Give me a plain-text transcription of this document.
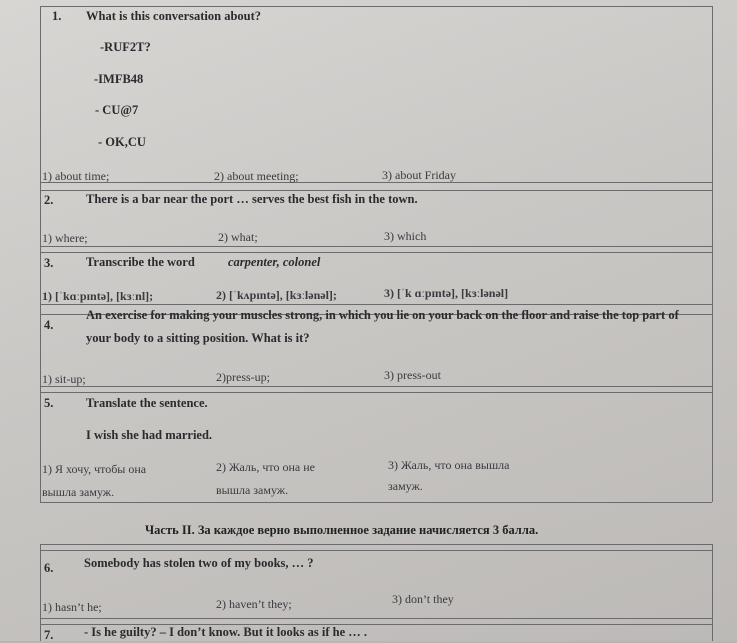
1. What is this conversation about?
-RUF2T?
-IMFB48
- CU@7
- OK,CU
1) about time;	2) about meeting;	3) about Friday
2.	There is a bar near the port … serves the best fish in the town.
1) where;	2) what;	3) which
3.	Transcribe the word	carpenter, colonel
1) [ˈkɑːpɪntə], [kɜːnl];	2) [ˈkʌpɪntə], [kɜːlənəl];	3) [ˈk ɑːpɪntə], [kɜːlənəl]
4.
An exercise for making your muscles strong, in which you lie on your back on the floor and raise the top part of your body to a sitting position. What is it?
1) sit-up;	2)press-up;	3) press-out
5.	Translate the sentence.
I wish she had married.
1) Я хочу, чтобы она
вышла замуж.
2) Жаль, что она не
вышла замуж.
3) Жаль, что она вышла
замуж.
Часть II. За каждое верно выполненное задание начисляется 3 балла.
6. Somebody has stolen two of my books, … ?
1) hasn’t he;	2) haven’t they;	3) don’t they
7. - Is he guilty? – I don’t know. But it looks as if he … .
